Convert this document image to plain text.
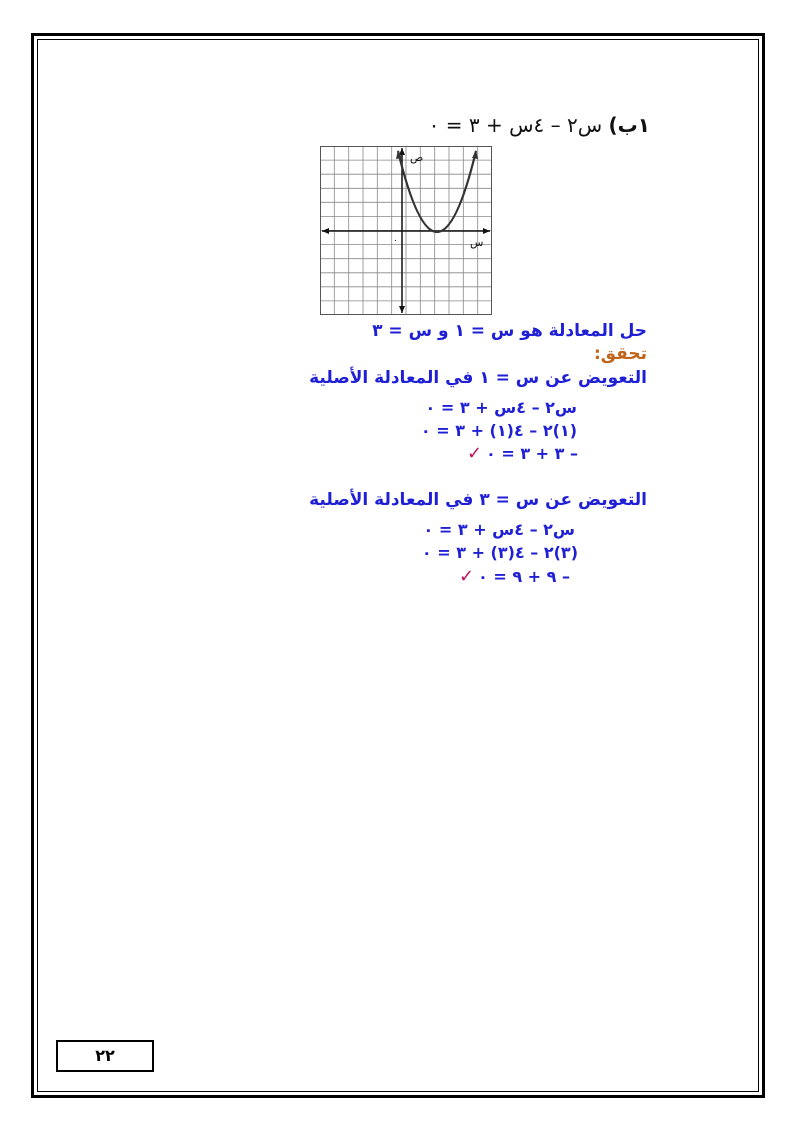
١ب) س٢ – ٤س + ٣ = ٠
ص
س
٠
حل المعادلة هو س = ١ و س = ٣
تحقق:
التعويض عن س = ١ في المعادلة الأصلية
س٢ – ٤س + ٣ = ٠
(١)٢ – ٤(١) + ٣ = ٠
– ٣ + ٣ = ٠✓
التعويض عن س = ٣ في المعادلة الأصلية
س٢ – ٤س + ٣ = ٠
(٣)٢ – ٤(٣) + ٣ = ٠
– ٩ + ٩ = ٠✓
٢٢
